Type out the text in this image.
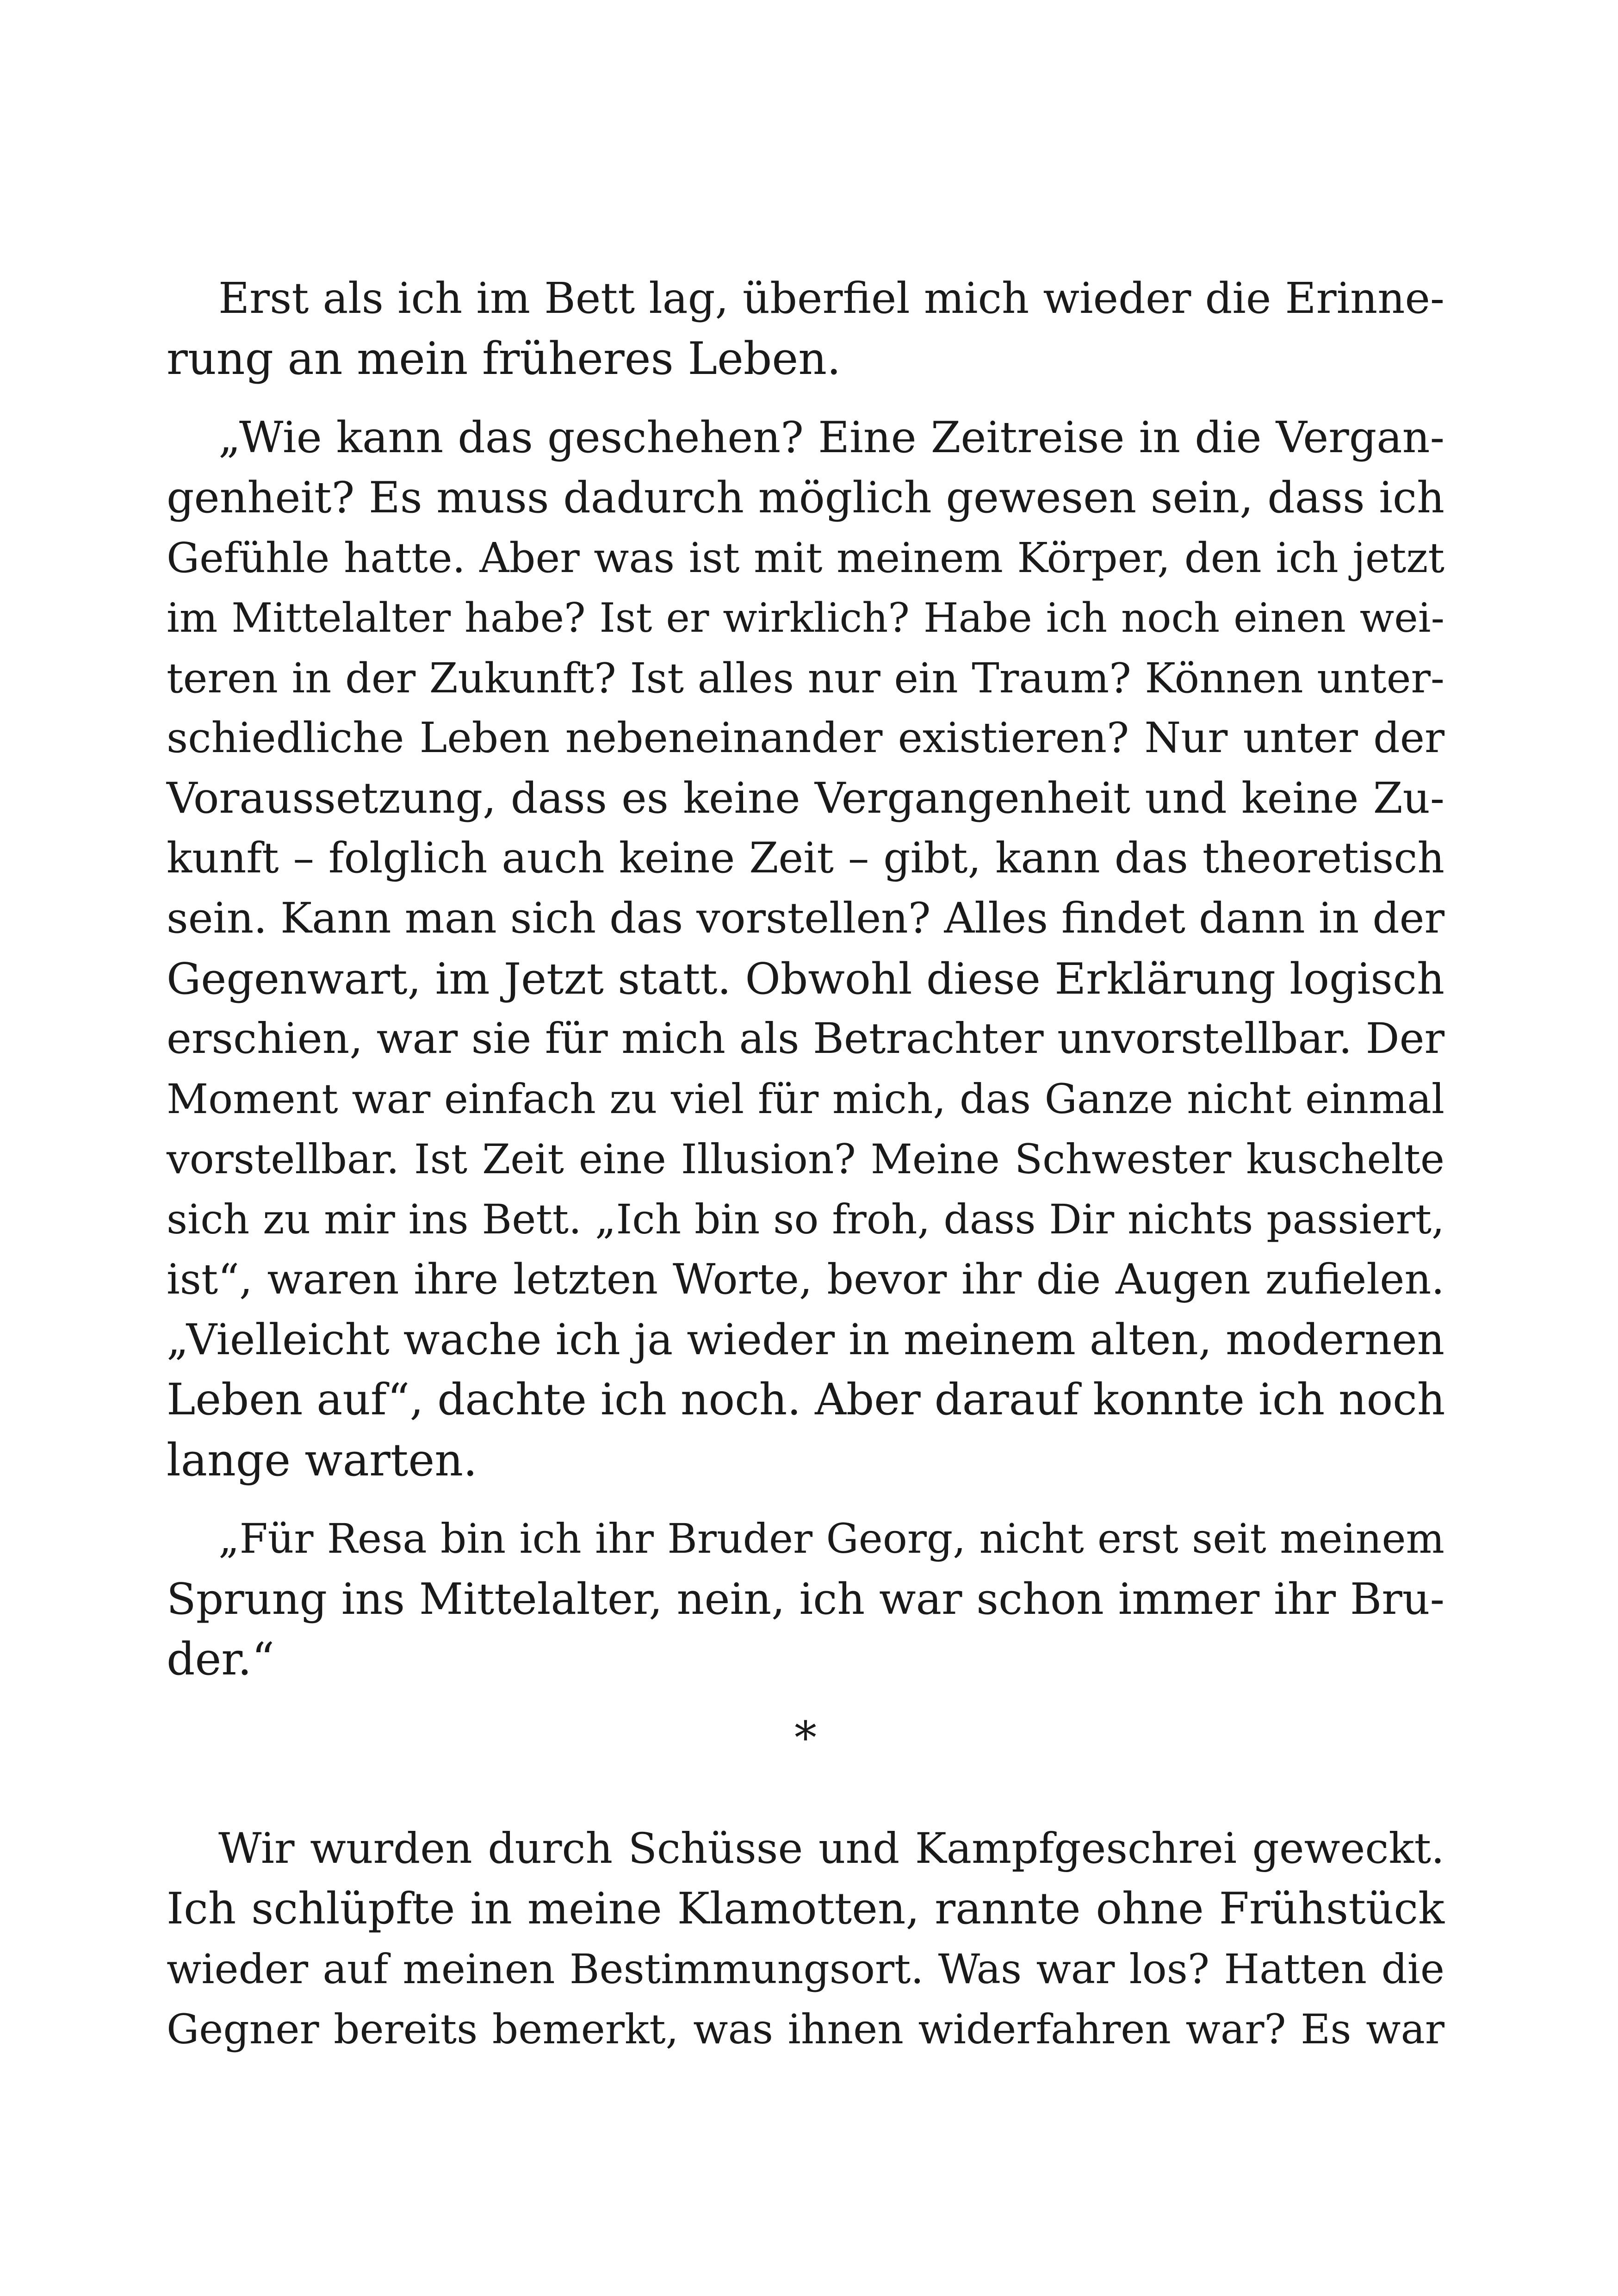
Erst als ich im Bett lag, überfiel mich wieder die Erinne-
rung an mein früheres Leben.
„Wie kann das geschehen? Eine Zeitreise in die Vergan-
genheit? Es muss dadurch möglich gewesen sein, dass ich
Gefühle hatte. Aber was ist mit meinem Körper, den ich jetzt
im Mittelalter habe? Ist er wirklich? Habe ich noch einen wei-
teren in der Zukunft? Ist alles nur ein Traum? Können unter-
schiedliche Leben nebeneinander existieren? Nur unter der
Voraussetzung, dass es keine Vergangenheit und keine Zu-
kunft – folglich auch keine Zeit – gibt, kann das theoretisch
sein. Kann man sich das vorstellen? Alles findet dann in der
Gegenwart, im Jetzt statt. Obwohl diese Erklärung logisch
erschien, war sie für mich als Betrachter unvorstellbar. Der
Moment war einfach zu viel für mich, das Ganze nicht einmal
vorstellbar. Ist Zeit eine Illusion? Meine Schwester kuschelte
sich zu mir ins Bett. „Ich bin so froh, dass Dir nichts passiert,
ist“, waren ihre letzten Worte, bevor ihr die Augen zufielen.
„Vielleicht wache ich ja wieder in meinem alten, modernen
Leben auf“, dachte ich noch. Aber darauf konnte ich noch
lange warten.
„Für Resa bin ich ihr Bruder Georg, nicht erst seit meinem
Sprung ins Mittelalter, nein, ich war schon immer ihr Bru-
der.“
*
Wir wurden durch Schüsse und Kampfgeschrei geweckt.
Ich schlüpfte in meine Klamotten, rannte ohne Frühstück
wieder auf meinen Bestimmungsort. Was war los? Hatten die
Gegner bereits bemerkt, was ihnen widerfahren war? Es war
